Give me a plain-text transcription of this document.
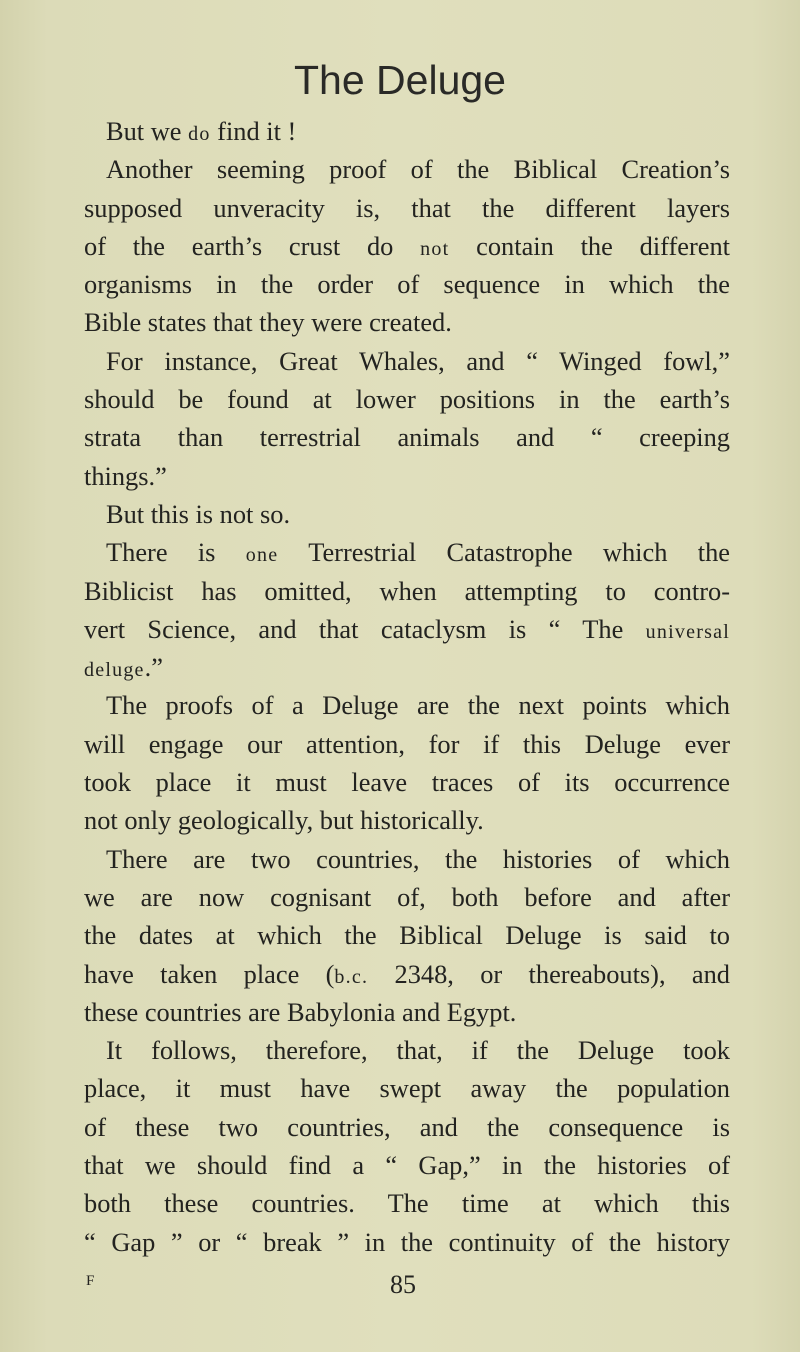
The Deluge
But we do find it !
Another seeming proof of the Biblical Creation’s
supposed unveracity is, that the different layers
of the earth’s crust do not contain the different
organisms in the order of sequence in which the
Bible states that they were created.
For instance, Great Whales, and “ Winged fowl,”
should be found at lower positions in the earth’s
strata than terrestrial animals and “ creeping
things.”
But this is not so.
There is one Terrestrial Catastrophe which the
Biblicist has omitted, when attempting to contro-
vert Science, and that cataclysm is “ The universal
deluge.”
The proofs of a Deluge are the next points which
will engage our attention, for if this Deluge ever
took place it must leave traces of its occurrence
not only geologically, but historically.
There are two countries, the histories of which
we are now cognisant of, both before and after
the dates at which the Biblical Deluge is said to
have taken place (b.c. 2348, or thereabouts), and
these countries are Babylonia and Egypt.
It follows, therefore, that, if the Deluge took
place, it must have swept away the population
of these two countries, and the consequence is
that we should find a “ Gap,” in the histories of
both these countries. The time at which this
“ Gap ” or “ break ” in the continuity of the history
F	85
